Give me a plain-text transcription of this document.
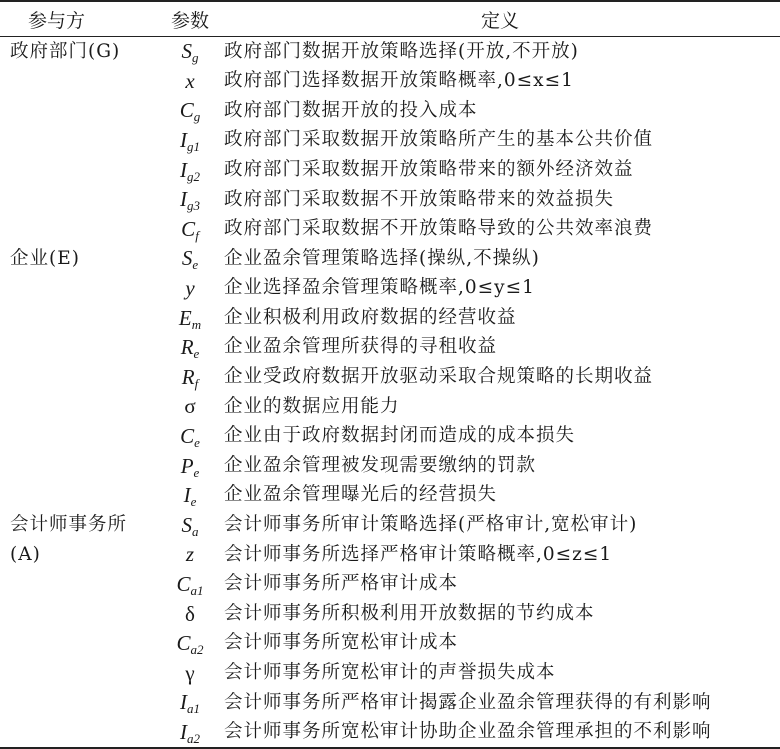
参与方	参数	定义
政府部门(G)	$S_g$	政府部门数据开放策略选择(开放,不开放)
	x	政府部门选择数据开放策略概率,0≤x≤1
	$C_g$	政府部门数据开放的投入成本
	$I_{g1}$	政府部门采取数据开放策略所产生的基本公共价值
	$I_{g2}$	政府部门采取数据开放策略带来的额外经济效益
	$I_{g3}$	政府部门采取数据不开放策略带来的效益损失
	$C_f$	政府部门采取数据不开放策略导致的公共效率浪费
企业(E)	$S_e$	企业盈余管理策略选择(操纵,不操纵)
	y	企业选择盈余管理策略概率,0≤y≤1
	$E_m$	企业积极利用政府数据的经营收益
	$R_e$	企业盈余管理所获得的寻租收益
	$R_f$	企业受政府数据开放驱动采取合规策略的长期收益
	σ	企业的数据应用能力
	$C_e$	企业由于政府数据封闭而造成的成本损失
	$P_e$	企业盈余管理被发现需要缴纳的罚款
	$I_e$	企业盈余管理曝光后的经营损失
会计师事务所	$S_a$	会计师事务所审计策略选择(严格审计,宽松审计)
(A)	z	会计师事务所选择严格审计策略概率,0≤z≤1
	$C_{a1}$	会计师事务所严格审计成本
	δ	会计师事务所积极利用开放数据的节约成本
	$C_{a2}$	会计师事务所宽松审计成本
	γ	会计师事务所宽松审计的声誉损失成本
	$I_{a1}$	会计师事务所严格审计揭露企业盈余管理获得的有利影响
	$I_{a2}$	会计师事务所宽松审计协助企业盈余管理承担的不利影响
